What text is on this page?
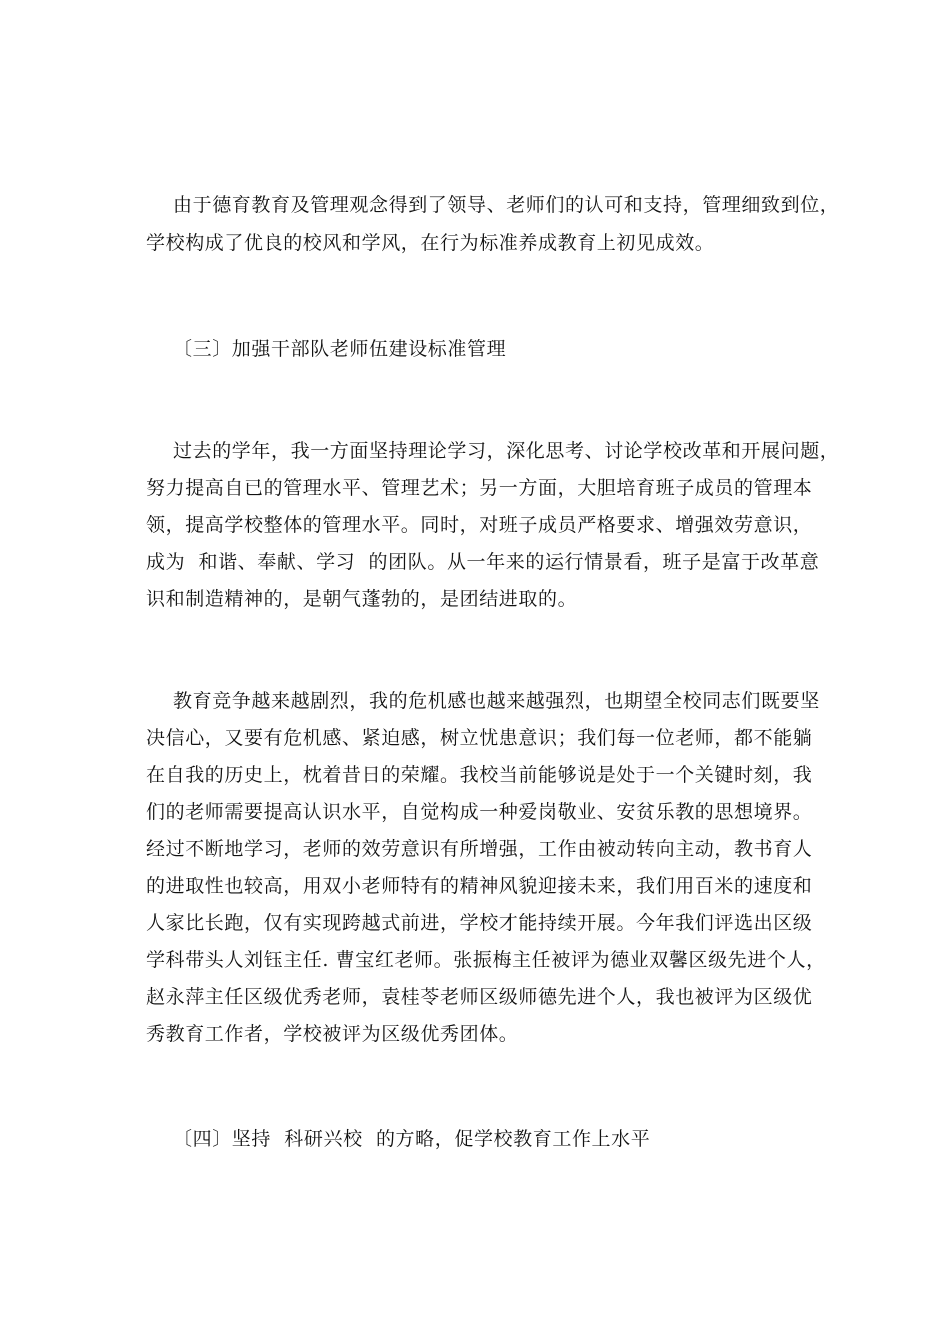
由于德育教育及管理观念得到了领导、老师们的认可和支持，管理细致到位，
学校构成了优良的校风和学风，在行为标准养成教育上初见成效。
〔三〕加强干部队老师伍建设标准管理
过去的学年，我一方面坚持理论学习，深化思考、讨论学校改革和开展问题，
努力提高自已的管理水平、管理艺术；另一方面，大胆培育班子成员的管理本
领，提高学校整体的管理水平。同时，对班子成员严格要求、增强效劳意识，
成为  和谐、奉献、学习  的团队。从一年来的运行情景看，班子是富于改革意
识和制造精神的，是朝气蓬勃的，是团结进取的。
教育竞争越来越剧烈，我的危机感也越来越强烈，也期望全校同志们既要坚
决信心，又要有危机感、紧迫感，树立忧患意识；我们每一位老师，都不能躺
在自我的历史上，枕着昔日的荣耀。我校当前能够说是处于一个关键时刻，我
们的老师需要提高认识水平，自觉构成一种爱岗敬业、安贫乐教的思想境界。
经过不断地学习，老师的效劳意识有所增强，工作由被动转向主动，教书育人
的进取性也较高，用双小老师特有的精神风貌迎接未来，我们用百米的速度和
人家比长跑，仅有实现跨越式前进，学校才能持续开展。今年我们评选出区级
学科带头人刘钰主任. 曹宝红老师。张振梅主任被评为德业双馨区级先进个人，
赵永萍主任区级优秀老师，袁桂苓老师区级师德先进个人，我也被评为区级优
秀教育工作者，学校被评为区级优秀团体。
〔四〕坚持  科研兴校  的方略，促学校教育工作上水平
